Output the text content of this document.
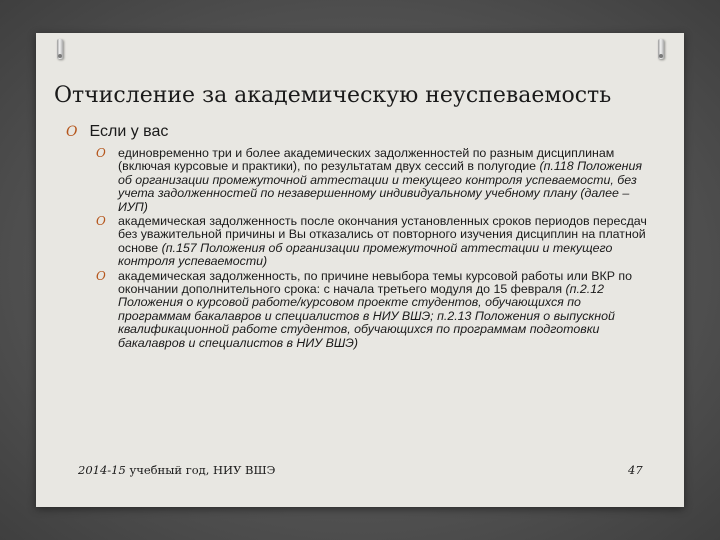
Отчисление за академическую неуспеваемость
O Если у вас
O единовременно три и более академических задолженностей по разным дисциплинам (включая курсовые и практики), по результатам двух сессий в полугодие (п.118 Положения об организации промежуточной аттестации и текущего контроля успеваемости, без учета задолженностей по незавершенному индивидуальному учебному плану (далее – ИУП)
O академическая задолженность после окончания установленных сроков периодов пересдач без уважительной причины и Вы отказались от повторного изучения дисциплин на платной основе (п.157 Положения об организации промежуточной аттестации и текущего контроля успеваемости)
O академическая задолженность, по причине невыбора темы курсовой работы или ВКР по окончании дополнительного срока: с начала третьего модуля до 15 февраля (п.2.12 Положения о курсовой работе/курсовом проекте студентов, обучающихся по программам бакалавров и специалистов в НИУ ВШЭ; п.2.13 Положения о выпускной квалификационной работе студентов, обучающихся по программам подготовки бакалавров и специалистов в НИУ ВШЭ)
2014-15 учебный год, НИУ ВШЭ	47
